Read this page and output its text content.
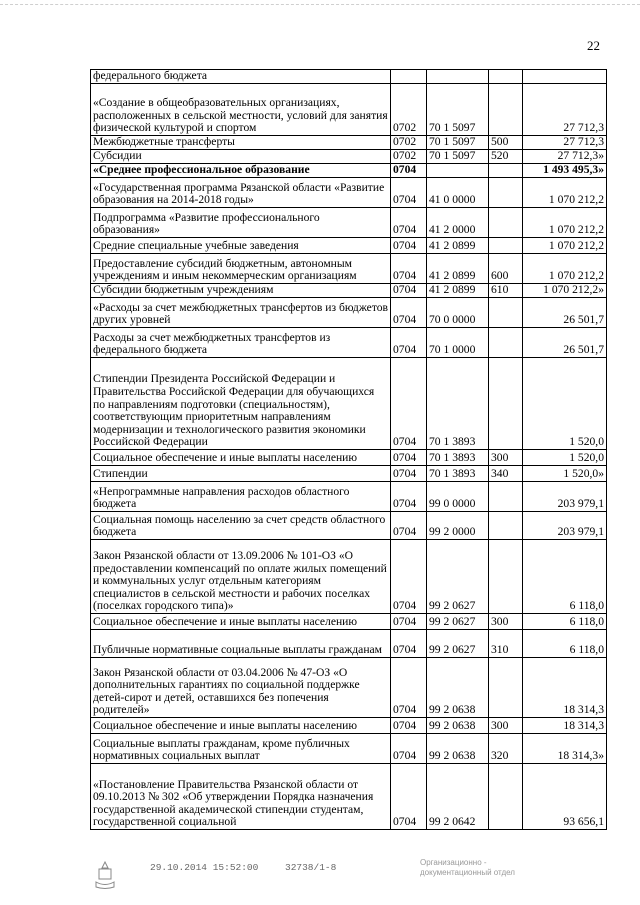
22
федерального бюджета				
«Создание в общеобразовательных организациях, расположенных в сельской местности, условий для занятия физической культурой и спортом	0702	70 1 5097		27 712,3
Межбюджетные трансферты	0702	70 1 5097	500	27 712,3
Субсидии	0702	70 1 5097	520	27 712,3»
«Среднее профессиональное образование	0704			1 493 495,3»
«Государственная программа Рязанской области «Развитие образования на 2014-2018 годы»	0704	41 0 0000		1 070 212,2
Подпрограмма «Развитие профессионального образования»	0704	41 2 0000		1 070 212,2
Средние специальные учебные заведения	0704	41 2 0899		1 070 212,2
Предоставление субсидий бюджетным, автономным учреждениям и иным некоммерческим организациям	0704	41 2 0899	600	1 070 212,2
Субсидии бюджетным учреждениям	0704	41 2 0899	610	1 070 212,2»
«Расходы за счет межбюджетных трансфертов из бюджетов других уровней	0704	70 0 0000		26 501,7
Расходы за счет межбюджетных трансфертов из федерального бюджета	0704	70 1 0000		26 501,7
Стипендии Президента Российской Федерации и Правительства Российской Федерации для обучающихся по направлениям подготовки (специальностям), соответствующим приоритетным направлениям модернизации и технологического развития экономики Российской Федерации	0704	70 1 3893		1 520,0
Социальное обеспечение и иные выплаты населению	0704	70 1 3893	300	1 520,0
Стипендии	0704	70 1 3893	340	1 520,0»
«Непрограммные направления расходов областного бюджета	0704	99 0 0000		203 979,1
Социальная помощь населению за счет средств областного бюджета	0704	99 2 0000		203 979,1
Закон Рязанской области от 13.09.2006 № 101-ОЗ «О предоставлении компенсаций по оплате жилых помещений и коммунальных услуг отдельным категориям специалистов в сельской местности и рабочих поселках (поселках городского типа)»	0704	99 2 0627		6 118,0
Социальное обеспечение и иные выплаты населению	0704	99 2 0627	300	6 118,0
Публичные нормативные социальные выплаты гражданам	0704	99 2 0627	310	6 118,0
Закон Рязанской области от 03.04.2006 № 47-ОЗ «О дополнительных гарантиях по социальной поддержке детей-сирот и детей, оставшихся без попечения родителей»	0704	99 2 0638		18 314,3
Социальное обеспечение и иные выплаты населению	0704	99 2 0638	300	18 314,3
Социальные выплаты гражданам, кроме публичных нормативных социальных выплат	0704	99 2 0638	320	18 314,3»
«Постановление Правительства Рязанской области от 09.10.2013 № 302 «Об утверждении Порядка назначения государственной академической стипендии студентам, государственной социальной	0704	99 2 0642		93 656,1
29.10.2014 15:52:00	32738/1-8	Организационно -
документационный отдел
